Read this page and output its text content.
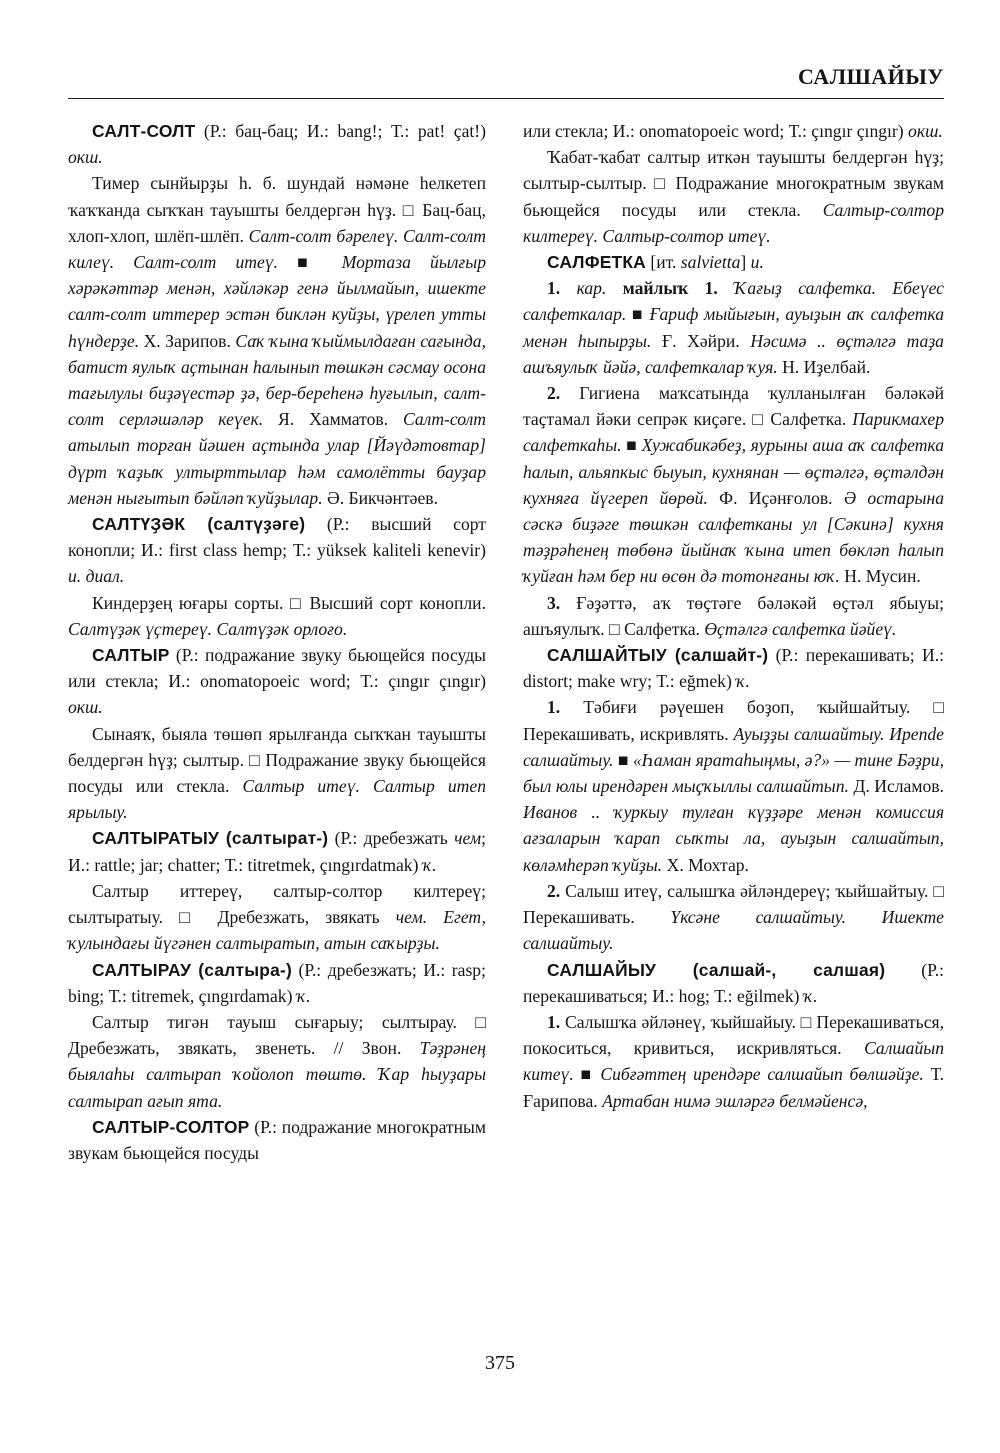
САЛШАЙЫУ

САЛТ-СОЛТ (Р.: бац-бац; И.: bang!; Т.: pat! çat!) окш.

Тимер сынйырҙы һ. б. шундай нәмәне һелкетеп ҡаҡҡанда сыҡҡан тауышты белдергән һүҙ. □ Бац-бац, хлоп-хлоп, шлёп-шлёп. Салт-солт бәрелеү. Салт-солт килеү. Салт-солт итеү. ■ Мортаза йылғыр хәрәкәттәр менән, хәйләкәр генә йылмайып, ишекте салт-солт иттерер эстән биклән куйҙы, үрелеп утты һүндерҙе. Х. Зарипов. Саҡ ҡына ҡыймылдаған сағында, батист яулыҡ аҫтынан һалынып төшкән сәсмау осона тағылулы биҙәүестәр ҙә, бер-береһенә һуғылып, салт-солт серләшәләр кеүек. Я. Хамматов. Салт-солт атылып торған йәшен аҫтында улар [Йәүдәтовтар] дүрт ҡаҙыҡ ултырттылар һәм самолётты бауҙар менән нығытып бәйләп ҡуйҙылар. Ә. Бикчәнтәев.

САЛТҮҘӘК (салтүҙәге) (Р.: высший сорт конопли; И.: first class hemp; Т.: yüksek kaliteli kenevir) и. диал.

Киндерҙең юғары сорты. □ Высший сорт конопли. Салтүҙәк үҫтереү. Салтүҙәк орлоғо.

САЛТЫР (Р.: подражание звуку бьющейся посуды или стекла; И.: onomatopoeic word; Т.: çıngır çıngır) окш.

Сынаяҡ, быяла төшөп ярылғанда сыҡҡан тауышты белдергән һүҙ; сылтыр. □ Подражание звуку бьющейся посуды или стекла. Салтыр итеү. Салтыр итеп ярылыу.

САЛТЫРАТЫУ (салтырат-) (Р.: дребезжать чем; И.: rattle; jar; chatter; Т.: titretmek, çıngırdatmak) ҡ.

Салтыр иттереү, салтыр-солтор килтереү; сылтыратыу. □ Дребезжать, звякать чем. Егет, ҡулындағы йүгәнен салтыратып, атын саҡырҙы.

САЛТЫРАУ (салтыра-) (Р.: дребезжать; И.: rasp; bing; Т.: titremek, çıngırdamak) ҡ.

Салтыр тигән тауыш сығарыу; сылтырау. □ Дребезжать, звякать, звенеть. // Звон. Тәҙрәнең быялаһы салтырап ҡойолоп төштө. Ҡар һыуҙары салтырап ағып ята.

САЛТЫР-СОЛТОР (Р.: подражание многократным звукам бьющейся посуды

или стекла; И.: onomatopoeic word; Т.: çıngır çıngır) окш.

Ҡабат-ҡабат салтыр иткән тауышты белдергән һүҙ; сылтыр-сылтыр. □ Подражание многократным звукам бьющейся посуды или стекла. Салтыр-солтор килтереү. Салтыр-солтор итеү.

САЛФЕТКА [ит. salvietta] и.

1. кар. майлыҡ 1. Ҡағыҙ салфетка. Ебеүес салфеткалар. ■ Ғариф мыйығын, ауыҙын аҡ салфетка менән һыпырҙы. Ғ. Хәйри. Нәсимә .. өҫтәлгә таҙа ашъяулыҡ йәйә, салфеткалар ҡуя. Н. Иҙелбай.

2. Гигиена маҡсатында ҡулланылған бәләкәй таҫтамал йәки сепрәк киҫәге. □ Салфетка. Парикмахер салфеткаһы. ■ Хужабикәбеҙ, яурыны аша аҡ салфетка һалып, альяпкыс быуып, кухнянан — өҫтәлгә, өҫтәлдән кухняға йүгереп йөрөй. Ф. Иҫәнғолов. Ә остарына сәскә биҙәге төшкән салфетканы ул [Сәкинә] кухня тәҙрәһенең төбөнә йыйнаҡ ҡына итеп бөкләп һалып ҡуйған һәм бер ни өсөн дә тотонғаны юҡ. Н. Мусин.

3. Ғәҙәттә, аҡ төҫтәге бәләкәй өҫтәл ябыуы; ашъяулыҡ. □ Салфетка. Өҫтәлгә салфетка йәйеү.

САЛШАЙТЫУ (салшайт-) (Р.: перекашивать; И.: distort; make wry; Т.: eğmek) ҡ.

1. Тәбиғи рәүешен боҙоп, ҡыйшайтыу. □ Перекашивать, искривлять. Ауыҙҙы салшайтыу. Ирende салшайтыу. ■ «Һаман яратаһыңмы, ә?» — тине Бәҙри, был юлы ирендәрен мыҫҡыллы салшайтып. Д. Исламов. Иванов .. ҡуркыу тулған күҙҙәре менән комиссия ағзаларын ҡарап сыҡты ла, ауыҙын салшайтып, көләмһерәп ҡуйҙы. Х. Мохтар.

2. Салыш итеү, салышҡа әйләндереү; ҡыйшайтыу. □ Перекашивать. Үксәне салшайтыу. Ишекте салшайтыу.

САЛШАЙЫУ (салшай-, салшая) (Р.: перекашиваться; И.: hog; Т.: eğilmek) ҡ.

1. Салышҡа әйләнеү, ҡыйшайыу. □ Перекашиваться, покоситься, кривиться, искривляться. Салшайып китеү. ■ Сибғәттең ирендәре салшайып бөлшәйҙе. Т. Ғарипова. Артабан нимә эшләргә белмәйенсә,

375
